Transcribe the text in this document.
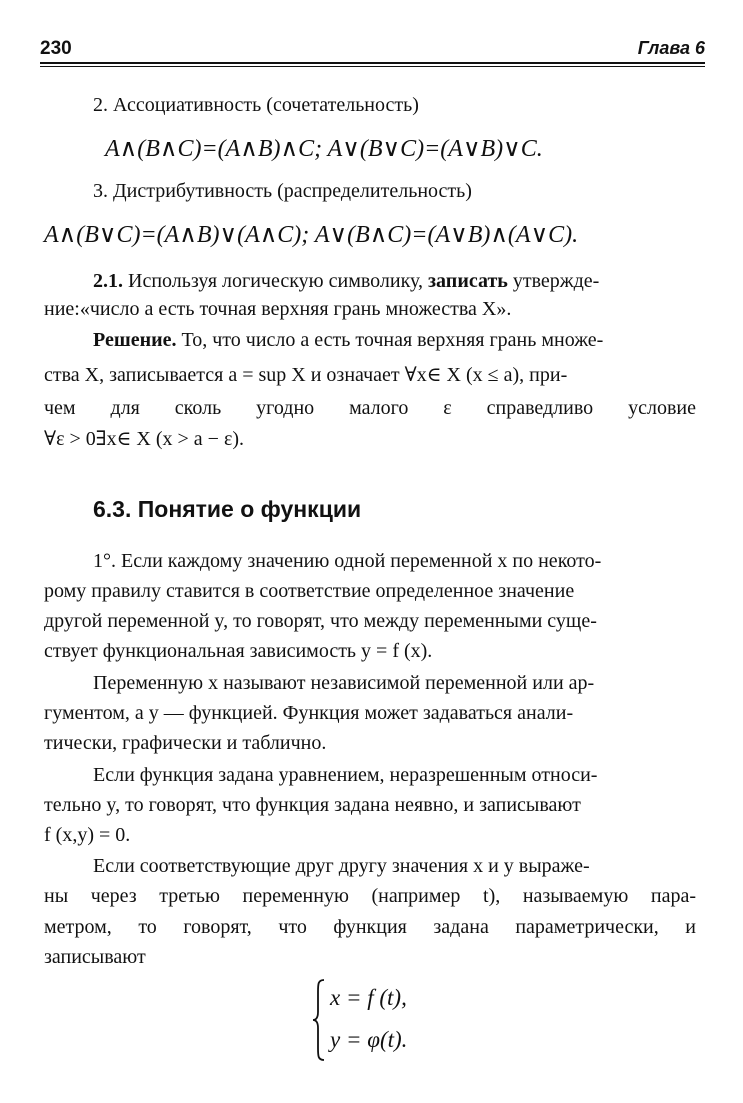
230	Глава 6
2. Ассоциативность (сочетательность)
A∧(B∧C)=(A∧B)∧C; A∨(B∨C)=(A∨B)∨C.
3. Дистрибутивность (распределительность)
A∧(B∨C)=(A∧B)∨(A∧C); A∨(B∧C)=(A∨B)∧(A∨C).
2.1. Используя логическую символику, записать утвержде-
ние:«число a есть точная верхняя грань множества X».
Решение. То, что число a есть точная верхняя грань множе-
ства X, записывается a = sup X и означает ∀x∈ X (x ≤ a), при-
чем для сколь угодно малого ε справедливо условие
∀ε > 0∃x∈ X (x > a − ε).
6.3. Понятие о функции
1°. Если каждому значению одной переменной x по некото-
рому правилу ставится в соответствие определенное значение
другой переменной y, то говорят, что между переменными суще-
ствует функциональная зависимость y = f (x).
Переменную x называют независимой переменной или ар-
гументом, а y — функцией. Функция может задаваться анали-
тически, графически и таблично.
Если функция задана уравнением, неразрешенным относи-
тельно y, то говорят, что функция задана неявно, и записывают
f (x,y) = 0.
Если соответствующие друг другу значения x и y выраже-
ны через третью переменную (например t), называемую пара-
метром, то говорят, что функция задана параметрически, и
записывают
x = f (t),
y = φ(t).
